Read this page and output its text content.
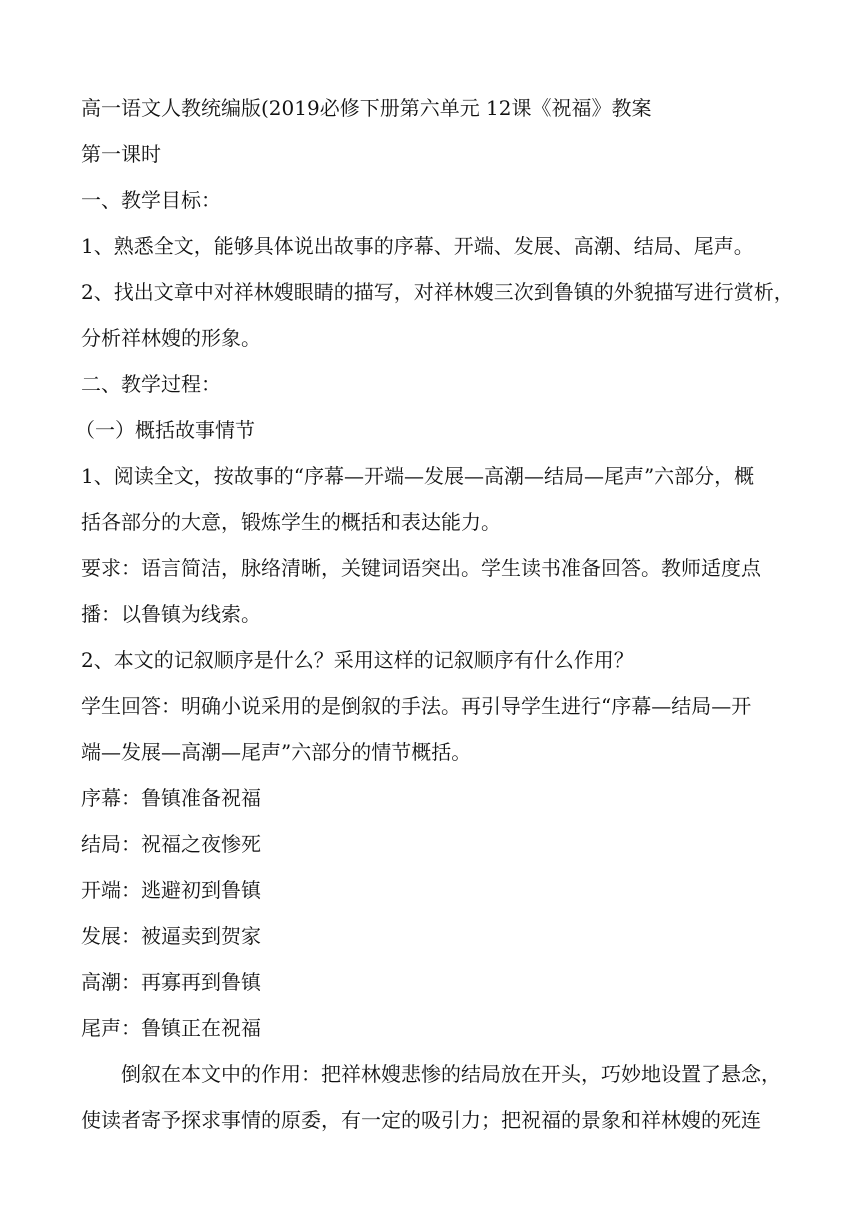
高一语文人教统编版(2019必修下册第六单元 12课《祝福》教案

第一课时

一、教学目标：

1、熟悉全文，能够具体说出故事的序幕、开端、发展、高潮、结局、尾声。

2、找出文章中对祥林嫂眼睛的描写，对祥林嫂三次到鲁镇的外貌描写进行赏析，

分析祥林嫂的形象。

二、教学过程：

（一）概括故事情节

1、阅读全文，按故事的“序幕—开端—发展—高潮—结局—尾声”六部分，概

括各部分的大意，锻炼学生的概括和表达能力。

要求：语言简洁，脉络清晰，关键词语突出。学生读书准备回答。教师适度点

播：以鲁镇为线索。

2、本文的记叙顺序是什么？采用这样的记叙顺序有什么作用？

学生回答：明确小说采用的是倒叙的手法。再引导学生进行“序幕—结局—开

端—发展—高潮—尾声”六部分的情节概括。

序幕：鲁镇准备祝福

结局：祝福之夜惨死

开端：逃避初到鲁镇

发展：被逼卖到贺家

高潮：再寡再到鲁镇

尾声：鲁镇正在祝福

倒叙在本文中的作用：把祥林嫂悲惨的结局放在开头，巧妙地设置了悬念，

使读者寄予探求事情的原委，有一定的吸引力；把祝福的景象和祥林嫂的死连
